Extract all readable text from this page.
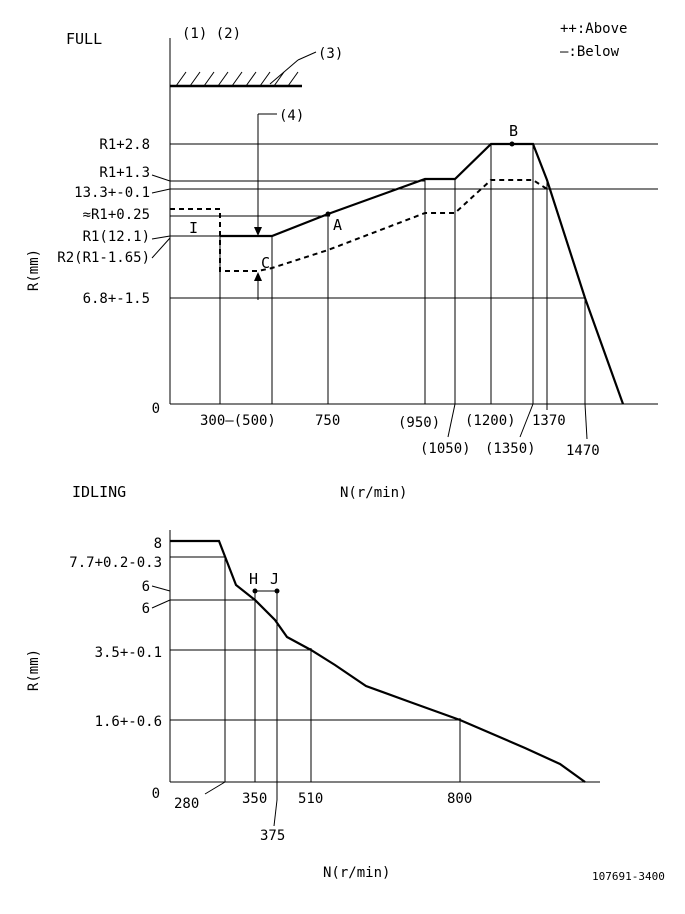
FULL	(1) (2)	++:Above
—:Below
(3)
A
B
C
I
(4)
R1+2.8
R1+1.3
13.3+-0.1
≈R1+0.25
R1(12.1)
R2(R1-1.65)
6.8+-1.5
0
R(mm)
300—(500)	750	(950) (1200) 1370
(1050) (1350) 1470
IDLING	N(r/min)
H J
8
7.7+0.2-0.3
6
6
3.5+-0.1
1.6+-0.6
0
R(mm)
280	350 510	800
375
N(r/min)	107691-3400
